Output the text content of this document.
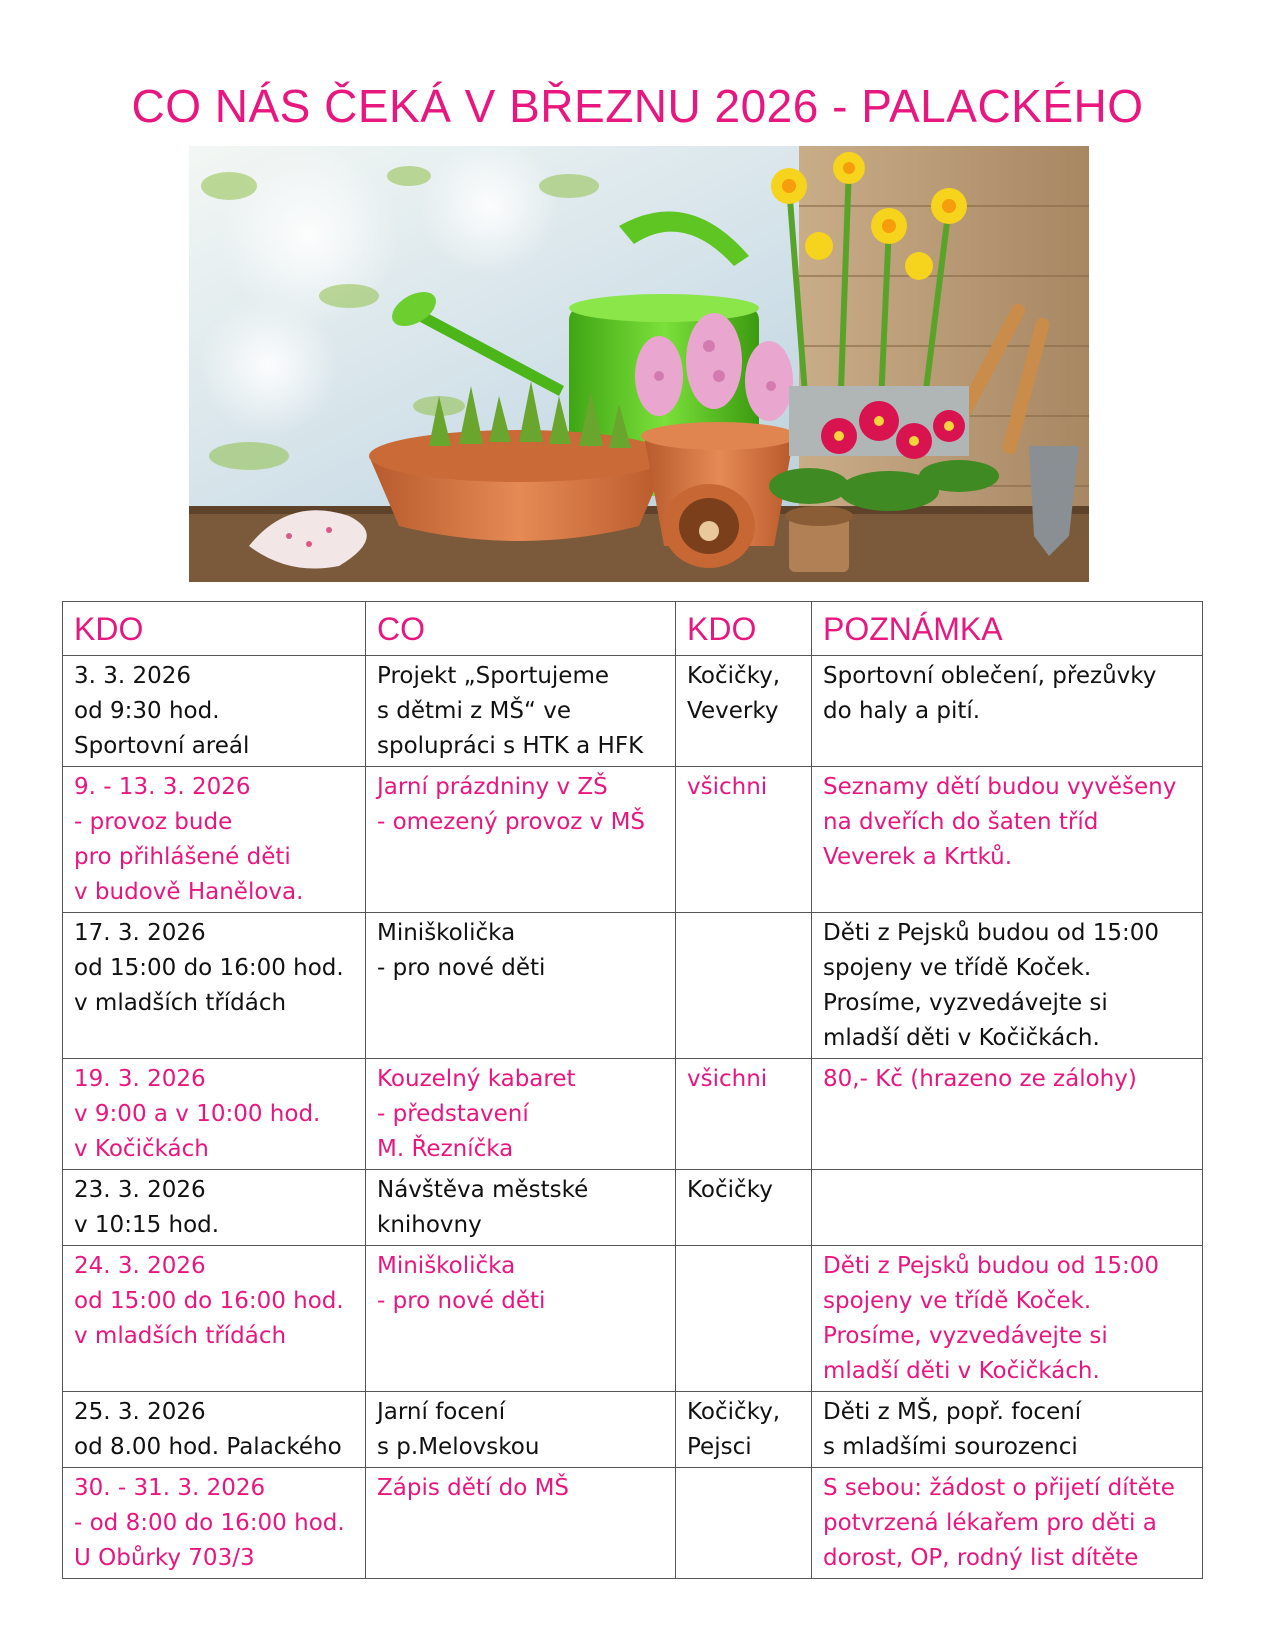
CO NÁS ČEKÁ V BŘEZNU 2026 - PALACKÉHO
KDO	CO	KDO	POZNÁMKA

3. 3. 2026
od 9:30 hod.
Sportovní areál	Projekt „Sportujeme
s dětmi z MŠ“ ve
spolupráci s HTK a HFK	Kočičky,
Veverky	Sportovní oblečení, přezůvky
do haly a pití.

9. - 13. 3. 2026
- provoz bude
pro přihlášené děti
v budově Hanělova.	Jarní prázdniny v ZŠ
- omezený provoz v MŠ	všichni	Seznamy dětí budou vyvěšeny
na dveřích do šaten tříd
Veverek a Krtků.

17. 3. 2026
od 15:00 do 16:00 hod.
v mladších třídách	Miniškolička
- pro nové děti		Děti z Pejsků budou od 15:00
spojeny ve třídě Koček.
Prosíme, vyzvedávejte si
mladší děti v Kočičkách.

19. 3. 2026
v 9:00 a v 10:00 hod.
v Kočičkách	Kouzelný kabaret
- představení
M. Řezníčka	všichni	80,- Kč (hrazeno ze zálohy)

23. 3. 2026
v 10:15 hod.	Návštěva městské
knihovny	Kočičky	

24. 3. 2026
od 15:00 do 16:00 hod.
v mladších třídách	Miniškolička
- pro nové děti		Děti z Pejsků budou od 15:00
spojeny ve třídě Koček.
Prosíme, vyzvedávejte si
mladší děti v Kočičkách.

25. 3. 2026
od 8.00 hod. Palackého	Jarní focení
s p.Melovskou	Kočičky,
Pejsci	Děti z MŠ, popř. focení
s mladšími sourozenci

30. - 31. 3. 2026
- od 8:00 do 16:00 hod.
U Obůrky 703/3	Zápis dětí do MŠ		S sebou: žádost o přijetí dítěte
potvrzená lékařem pro děti a
dorost, OP, rodný list dítěte
